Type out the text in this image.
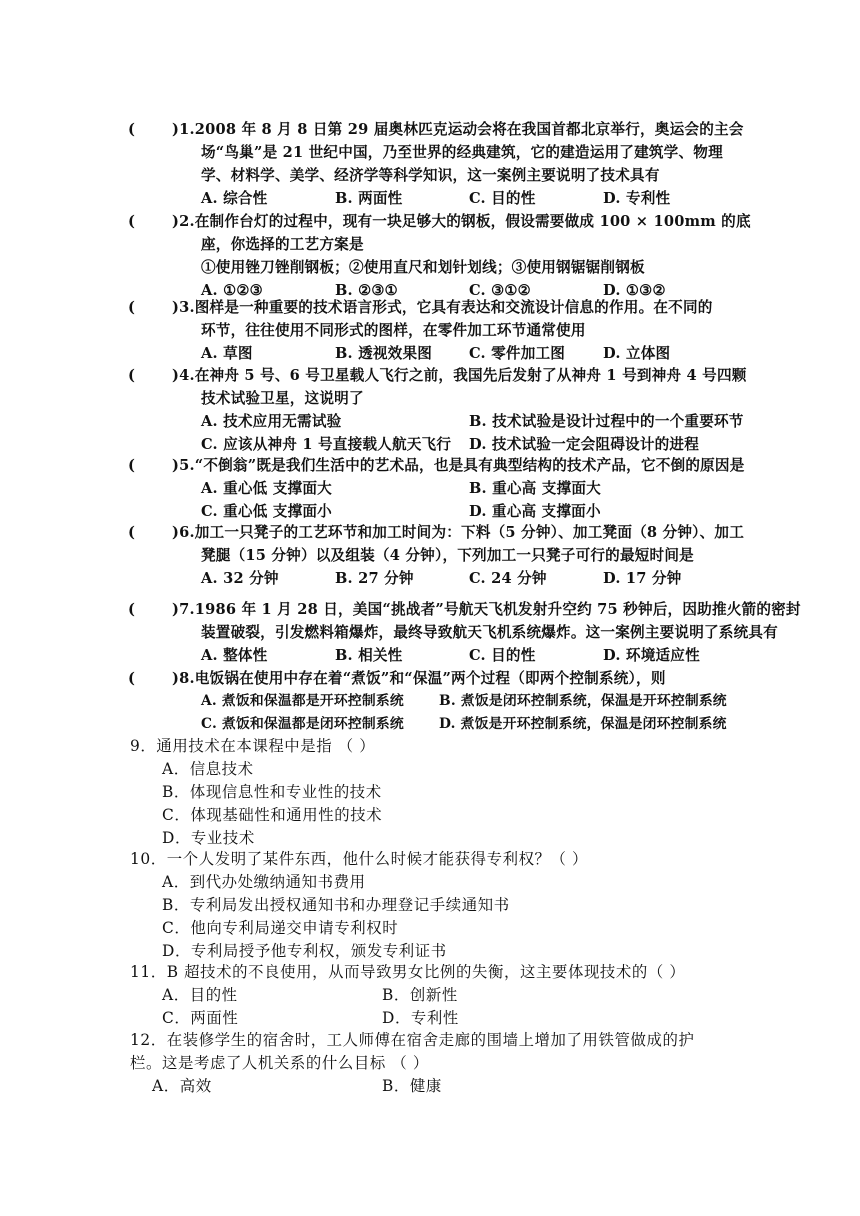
(	)1.2008 年 8 月 8 日第 29 届奥林匹克运动会将在我国首都北京举行，奥运会的主会
场“鸟巢”是 21 世纪中国，乃至世界的经典建筑，它的建造运用了建筑学、物理
学、材料学、美学、经济学等科学知识，这一案例主要说明了技术具有
A. 综合性	B. 两面性	C. 目的性	D. 专利性
(	)2.在制作台灯的过程中，现有一块足够大的钢板，假设需要做成 100 × 100mm 的底
座，你选择的工艺方案是
①使用锉刀锉削钢板；②使用直尺和划针划线；③使用钢锯锯削钢板
A. ①②③	B. ②③①	C. ③①②	D. ①③②
(	)3.图样是一种重要的技术语言形式，它具有表达和交流设计信息的作用。在不同的
环节，往往使用不同形式的图样，在零件加工环节通常使用
A. 草图	B. 透视效果图	C. 零件加工图	D. 立体图
(	)4.在神舟 5 号、6 号卫星载人飞行之前，我国先后发射了从神舟 1 号到神舟 4 号四颗
技术试验卫星，这说明了
A. 技术应用无需试验	B. 技术试验是设计过程中的一个重要环节
C. 应该从神舟 1 号直接载人航天飞行 D. 技术试验一定会阻碍设计的进程
(	)5.“不倒翁”既是我们生活中的艺术品，也是具有典型结构的技术产品，它不倒的原因是
A. 重心低 支撑面大	B. 重心高 支撑面大
C. 重心低 支撑面小	D. 重心高 支撑面小
(	)6.加工一只凳子的工艺环节和加工时间为：下料（5 分钟）、加工凳面（8 分钟）、加工
凳腿（15 分钟）以及组装（4 分钟），下列加工一只凳子可行的最短时间是
A. 32 分钟	B. 27 分钟	C. 24 分钟	D. 17 分钟
(	)7.1986 年 1 月 28 日，美国“挑战者”号航天飞机发射升空约 75 秒钟后，因助推火箭的密封
装置破裂，引发燃料箱爆炸，最终导致航天飞机系统爆炸。这一案例主要说明了系统具有
A. 整体性	B. 相关性	C. 目的性	D. 环境适应性
(	)8.电饭锅在使用中存在着“煮饭”和“保温”两个过程（即两个控制系统），则
A. 煮饭和保温都是开环控制系统	B. 煮饭是闭环控制系统，保温是开环控制系统
C. 煮饭和保温都是闭环控制系统	D. 煮饭是开环控制系统，保温是闭环控制系统
9．通用技术在本课程中是指 （ ）
A．信息技术
B．体现信息性和专业性的技术
C．体现基础性和通用性的技术
D．专业技术
10．一个人发明了某件东西，他什么时候才能获得专利权？（ ）
A．到代办处缴纳通知书费用
B．专利局发出授权通知书和办理登记手续通知书
C．他向专利局递交申请专利权时
D．专利局授予他专利权，颁发专利证书
11．B 超技术的不良使用，从而导致男女比例的失衡，这主要体现技术的（ ）
A．目的性	B．创新性
C．两面性	D．专利性
12．在装修学生的宿舍时，工人师傅在宿舍走廊的围墙上增加了用铁管做成的护
栏。这是考虑了人机关系的什么目标 （ ）
A．高效	B．健康
